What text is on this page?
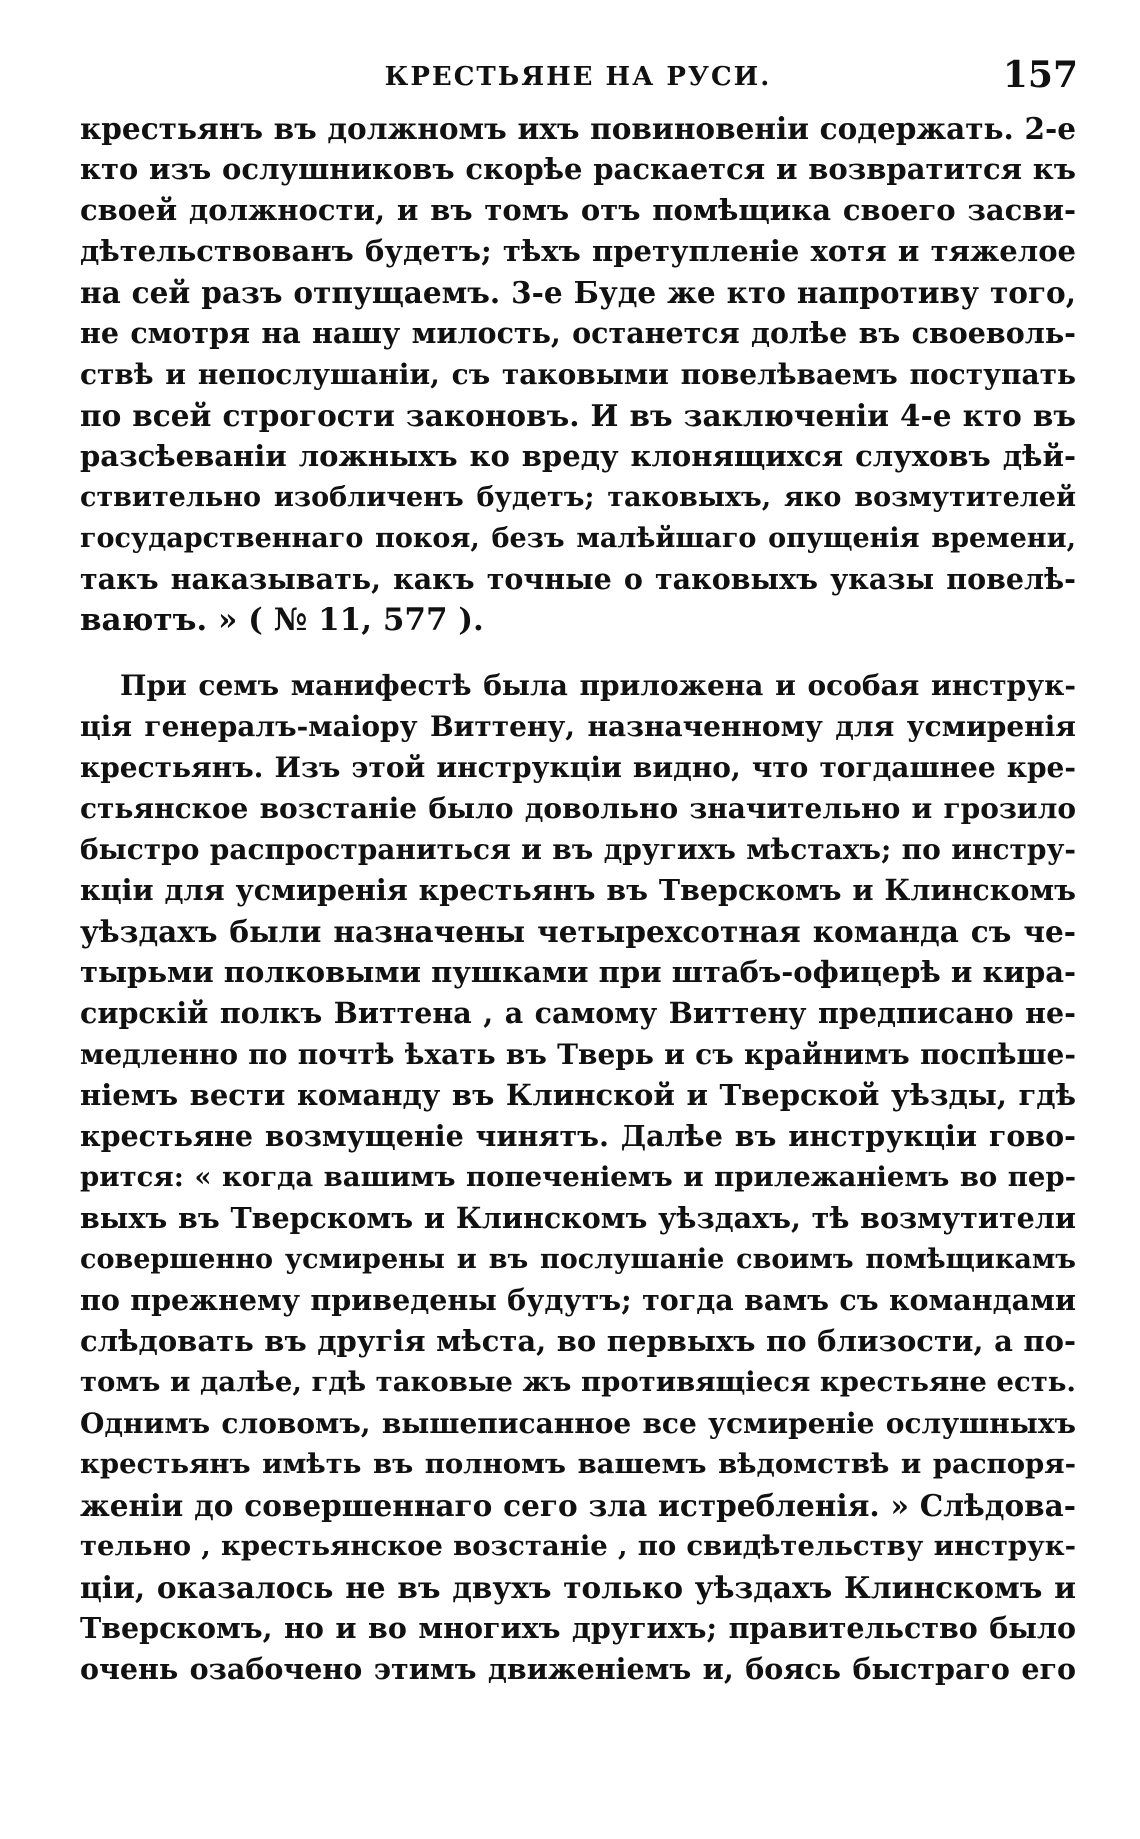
КРЕСТЬЯНЕ НА РУСИ.	157
крестьянъ въ должномъ ихъ повиновеніи содержать. 2-е
кто изъ ослушниковъ скорѣе раскается и возвратится къ
своей должности, и въ томъ отъ помѣщика своего засви-
дѣтельствованъ будетъ; тѣхъ претупленіе хотя и тяжелое
на сей разъ отпущаемъ. 3-е Буде же кто напротиву того,
не смотря на нашу милость, останется долѣе въ своеволь-
ствѣ и непослушаніи, съ таковыми повелѣваемъ поступать
по всей строгости законовъ. И въ заключеніи 4-е кто въ
разсѣеваніи ложныхъ ко вреду клонящихся слуховъ дѣй-
ствительно изобличенъ будетъ; таковыхъ, яко возмутителей
государственнаго покоя, безъ малѣйшаго опущенія времени,
такъ наказывать, какъ точные о таковыхъ указы повелѣ-
ваютъ. » ( № 11, 577 ).
При семъ манифестѣ была приложена и особая инструк-
ція генералъ-маіору Виттену, назначенному для усмиренія
крестьянъ. Изъ этой инструкціи видно, что тогдашнее кре-
стьянское возстаніе было довольно значительно и грозило
быстро распространиться и въ другихъ мѣстахъ; по инстру-
кціи для усмиренія крестьянъ въ Тверскомъ и Клинскомъ
уѣздахъ были назначены четырехсотная команда съ че-
тырьми полковыми пушками при штабъ-офицерѣ и кира-
сирскій полкъ Виттена , а самому Виттену предписано не-
медленно по почтѣ ѣхать въ Тверь и съ крайнимъ поспѣше-
ніемъ вести команду въ Клинской и Тверской уѣзды, гдѣ
крестьяне возмущеніе чинятъ. Далѣе въ инструкціи гово-
рится: « когда вашимъ попеченіемъ и прилежаніемъ во пер-
выхъ въ Тверскомъ и Клинскомъ уѣздахъ, тѣ возмутители
совершенно усмирены и въ послушаніе своимъ помѣщикамъ
по прежнему приведены будутъ; тогда вамъ съ командами
слѣдовать въ другія мѣста, во первыхъ по близости, а по-
томъ и далѣе, гдѣ таковые жъ противящіеся крестьяне есть.
Однимъ словомъ, вышеписанное все усмиреніе ослушныхъ
крестьянъ имѣть въ полномъ вашемъ вѣдомствѣ и распоря-
женіи до совершеннаго сего зла истребленія. » Слѣдова-
тельно , крестьянское возстаніе , по свидѣтельству инструк-
ціи, оказалось не въ двухъ только уѣздахъ Клинскомъ и
Тверскомъ, но и во многихъ другихъ; правительство было
очень озабочено этимъ движеніемъ и, боясь быстраго его
